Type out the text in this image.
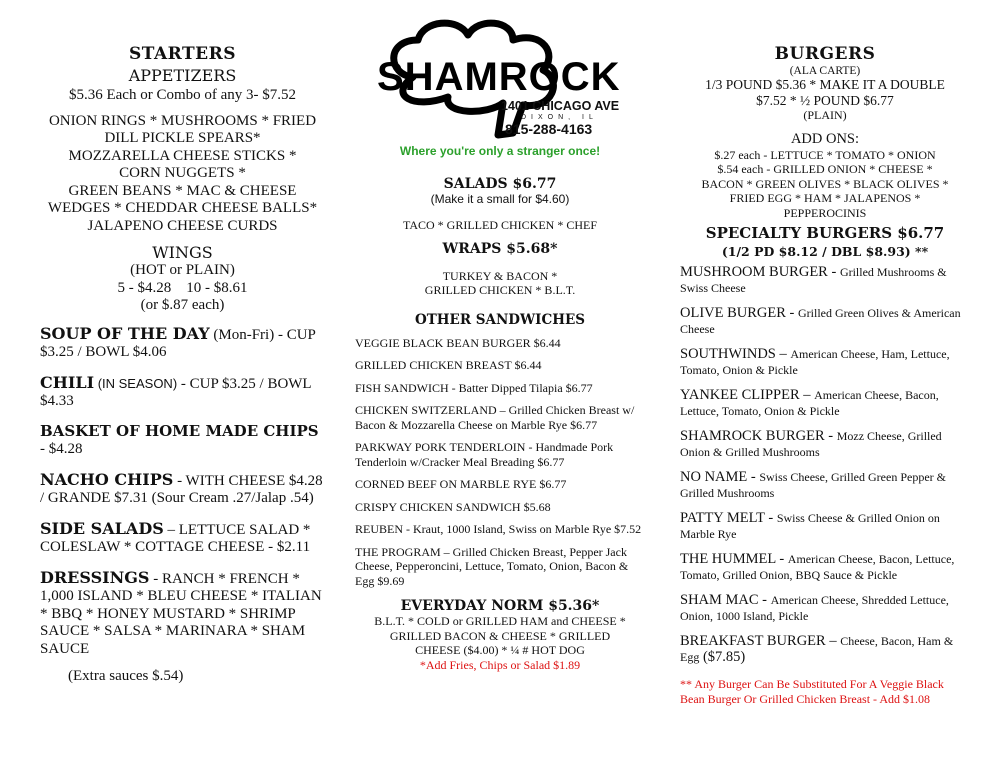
SHAMROCK
1401 CHICAGO AVE
DIXON, IL
815-288-4163
Where you're only a stranger once!
STARTERS
APPETIZERS
$5.36 Each or Combo of any 3- $7.52
ONION RINGS * MUSHROOMS * FRIED
DILL PICKLE SPEARS*
MOZZARELLA CHEESE STICKS *
CORN NUGGETS *
GREEN BEANS * MAC & CHEESE
WEDGES * CHEDDAR CHEESE BALLS*
JALAPENO CHEESE CURDS
WINGS
(HOT or PLAIN)
5 - $4.28    10 - $8.61
(or $.87 each)
SOUP OF THE DAY (Mon-Fri) - CUP $3.25 / BOWL $4.06
CHILI (IN SEASON) - CUP $3.25 / BOWL $4.33
BASKET OF HOME MADE CHIPS - $4.28
NACHO CHIPS - WITH CHEESE $4.28 / GRANDE $7.31 (Sour Cream .27/Jalap .54)
SIDE SALADS – LETTUCE SALAD * COLESLAW * COTTAGE CHEESE - $2.11
DRESSINGS - RANCH * FRENCH * 1,000 ISLAND * BLEU CHEESE * ITALIAN * BBQ * HONEY MUSTARD * SHRIMP SAUCE * SALSA * MARINARA * SHAM SAUCE
(Extra sauces $.54)
SALADS $6.77
(Make it a small for $4.60)
TACO * GRILLED CHICKEN * CHEF
WRAPS $5.68*
TURKEY & BACON *
GRILLED CHICKEN * B.L.T.
OTHER SANDWICHES

VEGGIE BLACK BEAN BURGER $6.44

GRILLED CHICKEN BREAST $6.44

FISH SANDWICH - Batter Dipped Tilapia $6.77

CHICKEN SWITZERLAND – Grilled Chicken Breast w/ Bacon & Mozzarella Cheese on Marble Rye $6.77

PARKWAY PORK TENDERLOIN - Handmade Pork Tenderloin w/Cracker Meal Breading $6.77

CORNED BEEF ON MARBLE RYE $6.77

CRISPY CHICKEN SANDWICH $5.68

REUBEN - Kraut, 1000 Island, Swiss on Marble Rye $7.52

THE PROGRAM – Grilled Chicken Breast, Pepper Jack Cheese, Pepperoncini, Lettuce, Tomato, Onion, Bacon & Egg $9.69

EVERYDAY NORM $5.36*
B.L.T. * COLD or GRILLED HAM and CHEESE *
GRILLED BACON & CHEESE * GRILLED
CHEESE ($4.00) * ¼ # HOT DOG
*Add Fries, Chips or Salad $1.89
BURGERS
(ALA CARTE)
1/3 POUND $5.36 * MAKE IT A DOUBLE
$7.52 * ½ POUND $6.77
(PLAIN)
ADD ONS:
$.27 each - LETTUCE * TOMATO * ONION
$.54 each - GRILLED ONION * CHEESE *
BACON * GREEN OLIVES * BLACK OLIVES *
FRIED EGG * HAM * JALAPENOS *
PEPPEROCINIS
SPECIALTY BURGERS $6.77
(1/2 PD $8.12 / DBL $8.93) **
MUSHROOM BURGER - Grilled Mushrooms & Swiss Cheese
OLIVE BURGER - Grilled Green Olives & American Cheese
SOUTHWINDS – American Cheese, Ham, Lettuce, Tomato, Onion & Pickle
YANKEE CLIPPER – American Cheese, Bacon, Lettuce, Tomato, Onion & Pickle
SHAMROCK BURGER - Mozz Cheese, Grilled Onion & Grilled Mushrooms
NO NAME - Swiss Cheese, Grilled Green Pepper & Grilled Mushrooms
PATTY MELT - Swiss Cheese & Grilled Onion on Marble Rye
THE HUMMEL - American Cheese, Bacon, Lettuce, Tomato, Grilled Onion, BBQ Sauce & Pickle
SHAM MAC - American Cheese, Shredded Lettuce, Onion, 1000 Island, Pickle
BREAKFAST BURGER – Cheese, Bacon, Ham & Egg ($7.85)
** Any Burger Can Be Substituted For A Veggie Black Bean Burger Or Grilled Chicken Breast - Add $1.08
